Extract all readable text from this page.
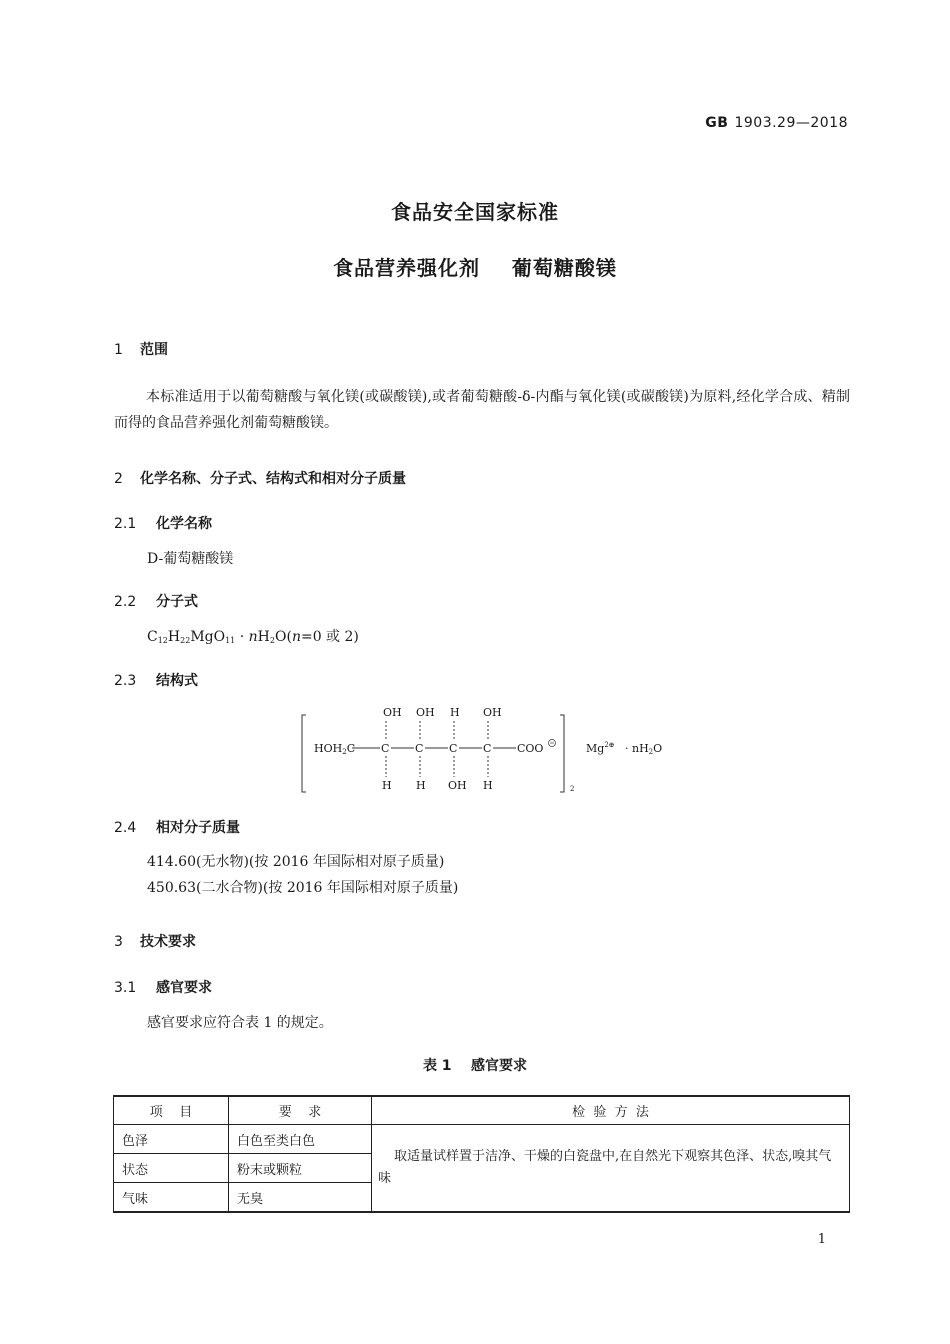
GB 1903.29—2018
食品安全国家标准
食品营养强化剂    葡萄糖酸镁
1 范围
本标准适用于以葡萄糖酸与氧化镁(或碳酸镁),或者葡萄糖酸-δ-内酯与氧化镁(或碳酸镁)为原料,经化学合成、精制而得的食品营养强化剂葡萄糖酸镁。
2 化学名称、分子式、结构式和相对分子质量
2.1 化学名称
D-葡萄糖酸镁
2.2 分子式
$C_{12}H_{22}MgO_{11} \cdot nH_2O(n=0$ 或 2)
2.3 结构式
2
HOH2C C C C C COO
OH OH H OH
H H OH H
$Mg^{2\oplus} \cdot nH2O$
2.4 相对分子质量
414.60(无水物)(按 2016 年国际相对原子质量)
450.63(二水合物)(按 2016 年国际相对原子质量)
3 技术要求
3.1 感官要求
感官要求应符合表 1 的规定。
表 1    感官要求
项    目	要    求	检  验  方  法
色泽	白色至类白色	取适量试样置于洁净、干燥的白瓷盘中,在自然光下观察其色泽、状态,嗅其气味
状态	粉末或颗粒	
气味	无臭	
1
